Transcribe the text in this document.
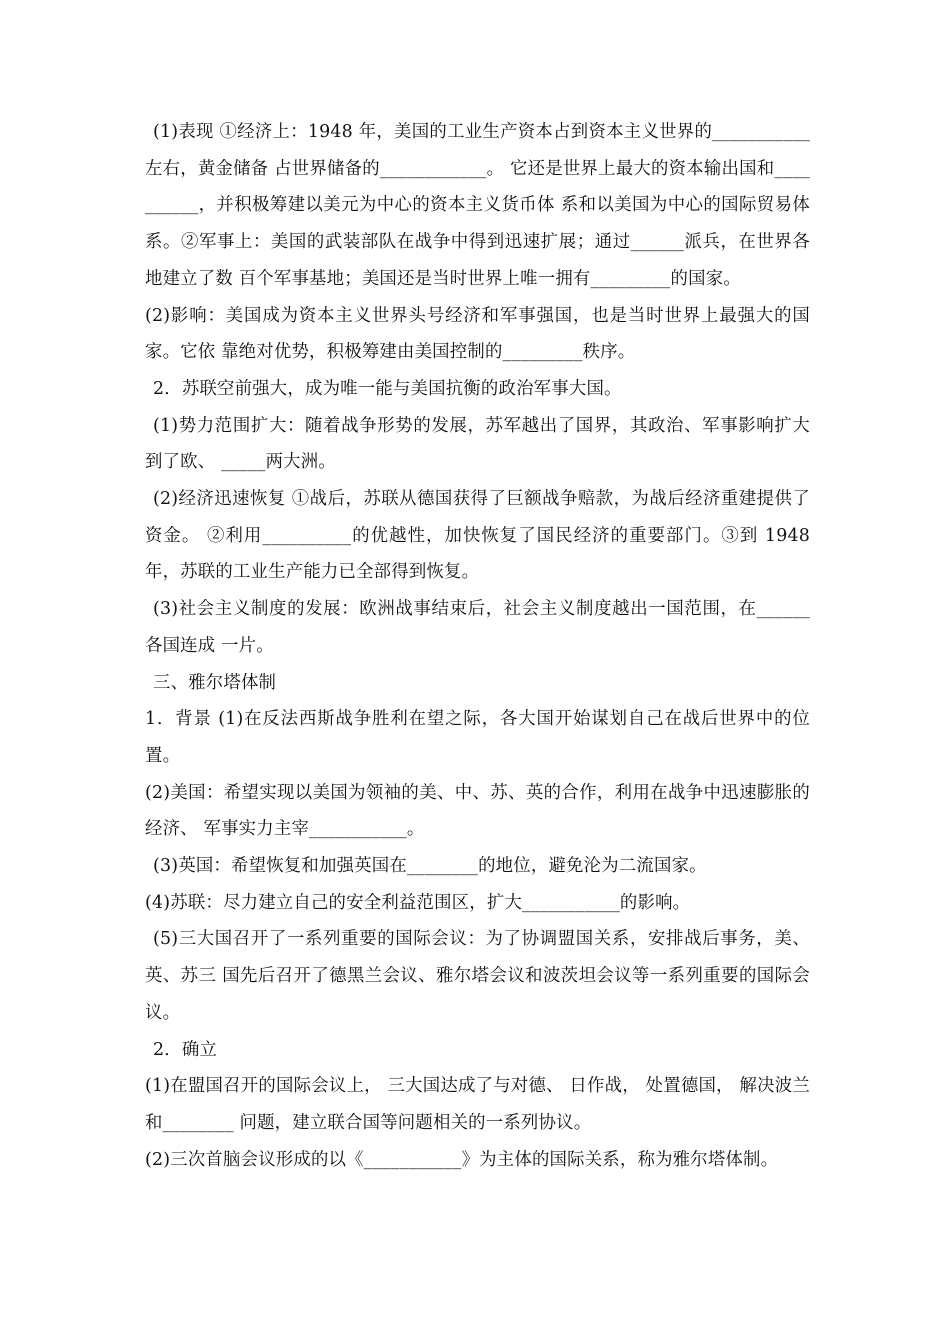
(1)表现 ①经济上：1948 年，美国的工业生产资本占到资本主义世界的___________左右，黄金储备 占世界储备的____________。 它还是世界上最大的资本输出国和__________，并积极筹建以美元为中心的资本主义货币体 系和以美国为中心的国际贸易体系。②军事上：美国的武装部队在战争中得到迅速扩展；通过______派兵，在世界各地建立了数 百个军事基地；美国还是当时世界上唯一拥有_________的国家。

(2)影响：美国成为资本主义世界头号经济和军事强国，也是当时世界上最强大的国家。它依 靠绝对优势，积极筹建由美国控制的_________秩序。

2．苏联空前强大，成为唯一能与美国抗衡的政治军事大国。

(1)势力范围扩大：随着战争形势的发展，苏军越出了国界，其政治、军事影响扩大到了欧、 _____两大洲。

(2)经济迅速恢复 ①战后，苏联从德国获得了巨额战争赔款，为战后经济重建提供了资金。 ②利用__________的优越性，加快恢复了国民经济的重要部门。③到 1948 年，苏联的工业生产能力已全部得到恢复。

(3)社会主义制度的发展：欧洲战事结束后，社会主义制度越出一国范围，在______各国连成 一片。

三、雅尔塔体制

1．背景 (1)在反法西斯战争胜利在望之际，各大国开始谋划自己在战后世界中的位置。

(2)美国：希望实现以美国为领袖的美、中、苏、英的合作，利用在战争中迅速膨胀的经济、 军事实力主宰___________。

(3)英国：希望恢复和加强英国在________的地位，避免沦为二流国家。

(4)苏联：尽力建立自己的安全利益范围区，扩大___________的影响。

(5)三大国召开了一系列重要的国际会议：为了协调盟国关系，安排战后事务，美、英、苏三 国先后召开了德黑兰会议、雅尔塔会议和波茨坦会议等一系列重要的国际会议。

2．确立

(1)在盟国召开的国际会议上， 三大国达成了与对德、 日作战， 处置德国， 解决波兰和________ 问题，建立联合国等问题相关的一系列协议。

(2)三次首脑会议形成的以《___________》为主体的国际关系，称为雅尔塔体制。
